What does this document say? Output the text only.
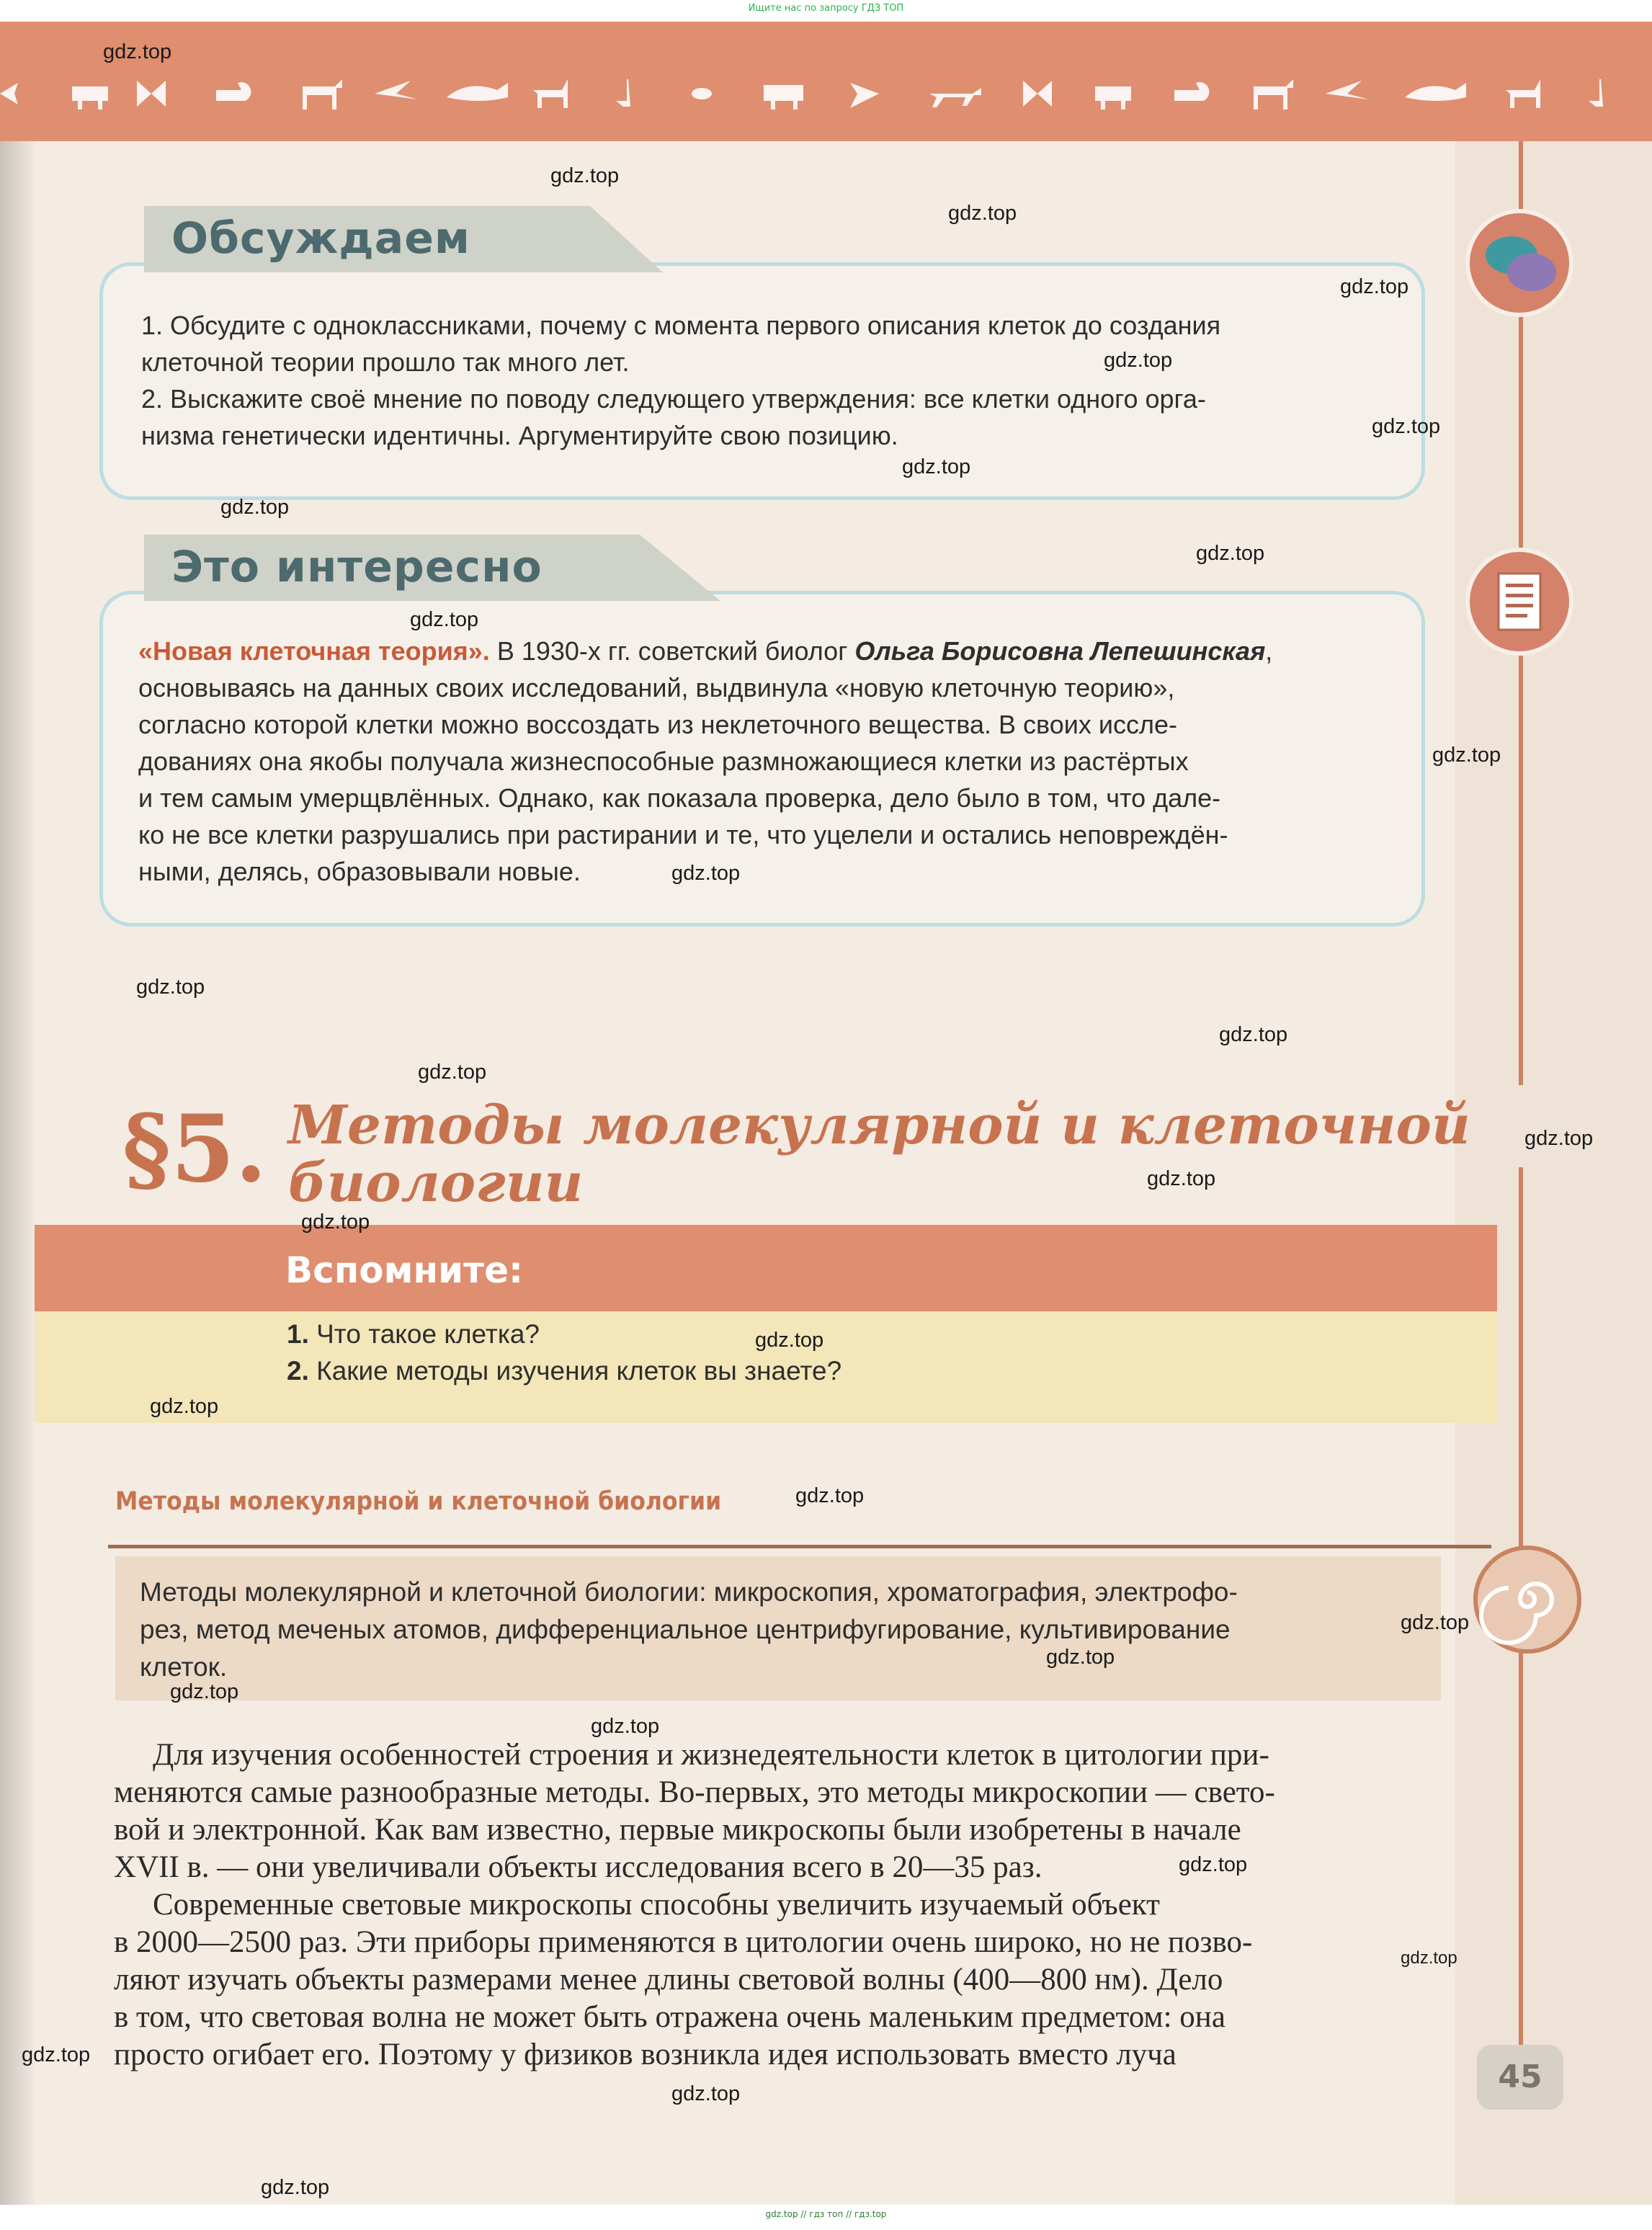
Ищите нас по запросу ГДЗ ТОП
Обсуждаем
1. Обсудите с одноклассниками, почему с момента первого описания клеток до создания
клеточной теории прошло так много лет.
2. Выскажите своё мнение по поводу следующего утверждения: все клетки одного орга-
низма генетически идентичны. Аргументируйте свою позицию.
Это интересно
«Новая клеточная теория». В 1930-х гг. советский биолог Ольга Борисовна Лепешинская,
основываясь на данных своих исследований, выдвинула «новую клеточную теорию»,
согласно которой клетки можно воссоздать из неклеточного вещества. В своих иссле-
дованиях она якобы получала жизнеспособные размножающиеся клетки из растёртых
и тем самым умерщвлённых. Однако, как показала проверка, дело было в том, что дале-
ко не все клетки разрушались при растирании и те, что уцелели и остались неповреждён-
ными, делясь, образовывали новые.
§5. Методы молекулярной и клеточной
биологии
Вспомните:
1. Что такое клетка?
2. Какие методы изучения клеток вы знаете?
Методы молекулярной и клеточной биологии
Методы молекулярной и клеточной биологии: микроскопия, хроматография, электрофо-
рез, метод меченых атомов, дифференциальное центрифугирование, культивирование
клеток.
Для изучения особенностей строения и жизнедеятельности клеток в цитологии при-
меняются самые разнообразные методы. Во-первых, это методы микроскопии — свето-
вой и электронной. Как вам известно, первые микроскопы были изобретены в начале
XVII в. — они увеличивали объекты исследования всего в 20—35 раз.
Современные световые микроскопы способны увеличить изучаемый объект
в 2000—2500 раз. Эти приборы применяются в цитологии очень широко, но не позво-
ляют изучать объекты размерами менее длины световой волны (400—800 нм). Дело
в том, что световая волна не может быть отражена очень маленьким предметом: она
просто огибает его. Поэтому у физиков возникла идея использовать вместо луча
45
gdz.top
gdz.top
gdz.top
gdz.top
gdz.top
gdz.top
gdz.top
gdz.top
gdz.top
gdz.top
gdz.top
gdz.top
gdz.top
gdz.top
gdz.top
gdz.top
gdz.top
gdz.top
gdz.top
gdz.top
gdz.top
gdz.top
gdz.top
gdz.top
gdz.top
gdz.top
gdz.top
gdz.top
gdz.top
gdz.top
gdz.top // гдз топ // гдз.top
